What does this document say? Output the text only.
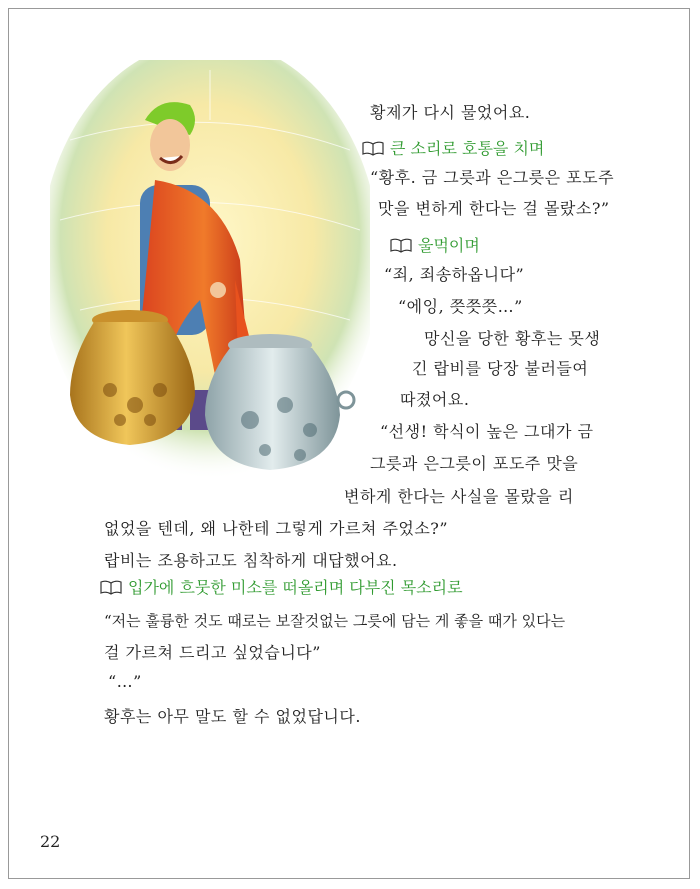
황제가 다시 물었어요.
큰 소리로 호통을 치며
“황후. 금 그릇과 은그릇은 포도주
맛을 변하게 한다는 걸 몰랐소?”
울먹이며
“죄, 죄송하옵니다”
“에잉, 쯧쯧쯧…”
망신을 당한 황후는 못생
긴 랍비를 당장 불러들여
따졌어요.
“선생! 학식이 높은 그대가 금
그릇과 은그릇이 포도주 맛을
변하게 한다는 사실을 몰랐을 리
없었을 텐데, 왜 나한테 그렇게 가르쳐 주었소?”
랍비는 조용하고도 침착하게 대답했어요.
입가에 흐뭇한 미소를 떠올리며 다부진 목소리로
“저는 훌륭한 것도 때로는 보잘것없는 그릇에 담는 게 좋을 때가 있다는
걸 가르쳐 드리고 싶었습니다”
“…”
황후는 아무 말도 할 수 없었답니다.
22
